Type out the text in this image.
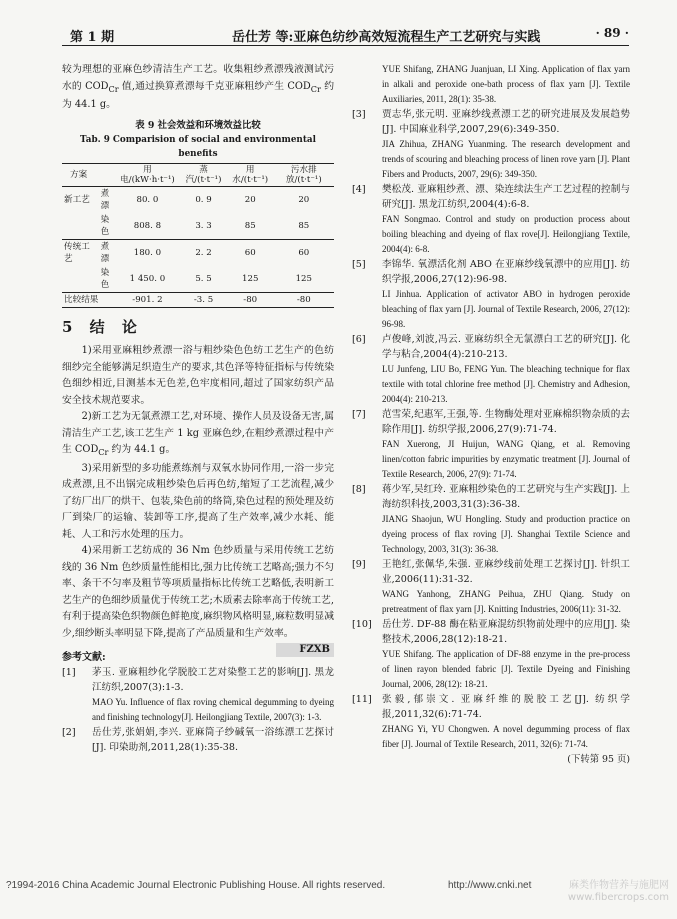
第 1 期	岳仕芳 等:亚麻色纺纱高效短流程生产工艺研究与实践	· 89 ·

较为理想的亚麻色纱清洁生产工艺。收集粗纱煮漂残液测试污水的 $COD_{Cr}$ 值,通过换算煮漂每千克亚麻粗纱产生 $COD_{Cr}$ 约为 44.1 g。

表 9 社会效益和环境效益比较
Tab. 9 Comparision of social and environmental benefits
方案		用电/(kW·h·t⁻¹)	蒸汽/(t·t⁻¹)	用水/(t·t⁻¹)	污水排放/(t·t⁻¹)
新工艺	煮漂	80. 0	0. 9	20	20
	染色	808. 8	3. 3	85	85
传统工艺	煮漂	180. 0	2. 2	60	60
	染色	1 450. 0	5. 5	125	125
比较结果		-901. 2	-3. 5	-80	-80
5 结 论

1)采用亚麻粗纱煮漂一浴与粗纱染色色纺工艺生产的色纺细纱完全能够满足织造生产的要求,其色泽等特征指标与传统染色细纱相近,目测基本无色差,色牢度相同,超过了国家纺织产品安全技术规范要求。

2)新工艺为无氯煮漂工艺,对环境、操作人员及设备无害,属清洁生产工艺,该工艺生产 1 kg 亚麻色纱,在粗纱煮漂过程中产生 $COD_{Cr}$ 约为 44.1 g。

3)采用新型的多功能煮练剂与双氧水协同作用,一浴一步完成煮漂,且不出锅完成粗纱染色后再色纺,缩短了工艺流程,减少了纺厂出厂的烘干、包装,染色前的络筒,染色过程的预处理及纺厂到染厂的运输、装卸等工序,提高了生产效率,减少水耗、能耗、人工和污水处理的压力。

4)采用新工艺纺成的 36 Nm 色纱质量与采用传统工艺纺线的 36 Nm 色纱质量性能相比,强力比传统工艺略高;强力不匀率、条干不匀率及粗节等项质量指标比传统工艺略低,表明新工艺生产的色细纱质量优于传统工艺;木质素去除率高于传统工艺,有利于提高染色织物颜色鲜艳度,麻织物风格明显,麻粒数明显减少,细纱断头率明显下降,提高了产品质量和生产效率。
FZXB

参考文献:
[1] 茅玉. 亚麻粗纱化学脱胶工艺对染整工艺的影响[J]. 黑龙江纺织,2007(3):1-3.
MAO Yu. Influence of flax roving chemical degumming to dyeing and finishing technology[J]. Heilongjiang Textile, 2007(3): 1-3.
[2] 岳仕芳,张娟娟,李兴. 亚麻筒子纱碱氧一浴练漂工艺探讨[J]. 印染助剂,2011,28(1):35-38.
YUE Shifang, ZHANG Juanjuan, LI Xing. Application of flax yarn in alkali and peroxide one-bath process of flax yarn [J]. Textile Auxiliaries, 2011, 28(1): 35-38.
[3] 贾志华,张元明. 亚麻纱线煮漂工艺的研究进展及发展趋势[J]. 中国麻业科学,2007,29(6):349-350.
JIA Zhihua, ZHANG Yuanming. The research development and trends of scouring and bleaching process of linen rove yarn [J]. Plant Fibers and Products, 2007, 29(6): 349-350.
[4] 樊松茂. 亚麻粗纱煮、漂、染连续法生产工艺过程的控制与研究[J]. 黑龙江纺织,2004(4):6-8.
FAN Songmao. Control and study on production process about boiling bleaching and dyeing of flax rove[J]. Heilongjiang Textile, 2004(4): 6-8.
[5] 李锦华. 氧漂活化剂 ABO 在亚麻纱线氧漂中的应用[J]. 纺织学报,2006,27(12):96-98.
LI Jinhua. Application of activator ABO in hydrogen peroxide bleaching of flax yarn [J]. Journal of Textile Research, 2006, 27(12): 96-98.
[6] 卢俊峰,刘波,冯云. 亚麻纺织全无氯漂白工艺的研究[J]. 化学与粘合,2004(4):210-213.
LU Junfeng, LIU Bo, FENG Yun. The bleaching technique for flax textile with total chlorine free method [J]. Chemistry and Adhesion, 2004(4): 210-213.
[7] 范雪荣,纪惠军,王强,等. 生物酶处理对亚麻棉织物杂质的去除作用[J]. 纺织学报,2006,27(9):71-74.
FAN Xuerong, JI Huijun, WANG Qiang, et al. Removing linen/cotton fabric impurities by enzymatic treatment [J]. Journal of Textile Research, 2006, 27(9): 71-74.
[8] 蒋少军,吴红玲. 亚麻粗纱染色的工艺研究与生产实践[J]. 上海纺织科技,2003,31(3):36-38.
JIANG Shaojun, WU Hongling. Study and production practice on dyeing process of flax roving [J]. Shanghai Textile Science and Technology, 2003, 31(3): 36-38.
[9] 王艳红,张佩华,朱强. 亚麻纱线前处理工艺探讨[J]. 针织工业,2006(11):31-32.
WANG Yanhong, ZHANG Peihua, ZHU Qiang. Study on pretreatment of flax yarn [J]. Knitting Industries, 2006(11): 31-32.
[10] 岳仕芳. DF-88 酶在粘亚麻混纺织物前处理中的应用[J]. 染整技术,2006,28(12):18-21.
YUE Shifang. The application of DF-88 enzyme in the pre-process of linen rayon blended fabric [J]. Textile Dyeing and Finishing Journal, 2006, 28(12): 18-21.
[11] 张毅,郁崇文. 亚麻纤维的脱胶工艺[J]. 纺织学报,2011,32(6):71-74.
ZHANG Yi, YU Chongwen. A novel degumming process of flax fiber [J]. Journal of Textile Research, 2011, 32(6): 71-74.
(下转第 95 页)
?1994-2016 China Academic Journal Electronic Publishing House. All rights reserved.	http://www.cnki.net	麻类作物营养与施肥网
www.fibercrops.com
